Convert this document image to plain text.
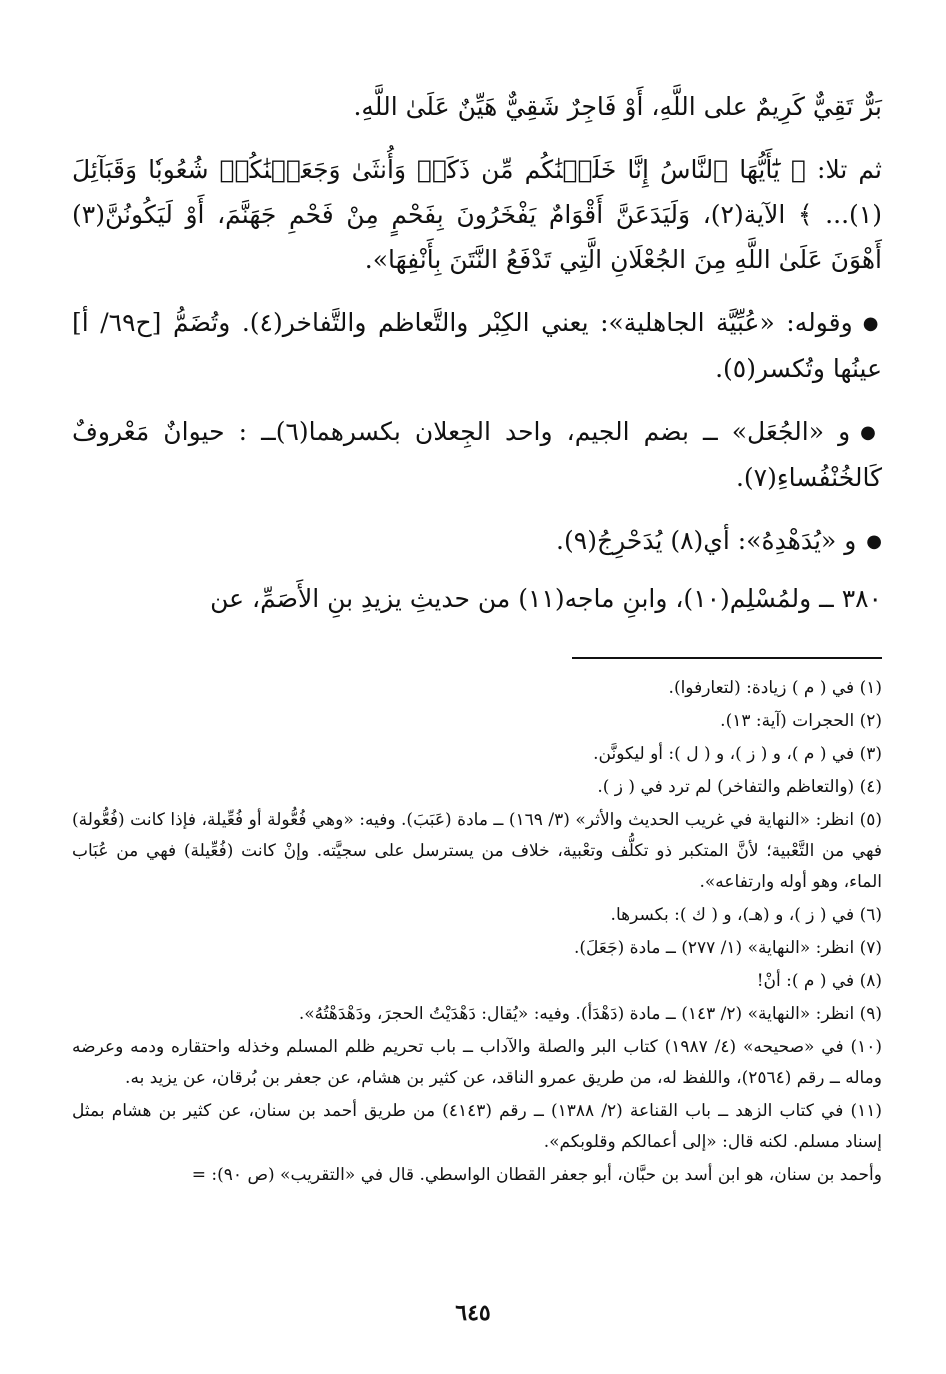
بَرٌّ تَقِيٌّ كَرِيمٌ على اللَّهِ، أَوْ فَاجِرٌ شَقِيٌّ هَيِّنٌ عَلَىٰ اللَّهِ.

ثم تلا: ﴿ يَٰٓأَيُّهَا ٱلنَّاسُ إِنَّا خَلَقۡنَٰكُم مِّن ذَكَرٖ وَأُنثَىٰ وَجَعَلۡنَٰكُمۡ شُعُوبٗا وَقَبَآئِلَ (١)... ﴾ الآية(٢)، وَلَيَدَعَنَّ أَقْوَامٌ يَفْخَرُونَ بِفَحْمٍ مِنْ فَحْمِ جَهَنَّمَ، أَوْ لَيَكُونُنَّ(٣) أَهْوَنَ عَلَىٰ اللَّهِ مِنَ الجُعْلَانِ الَّتِي تَدْفَعُ النَّتَنَ بِأَنْفِهَا».

● وقوله: «عُبِّيَّة الجاهلية»: يعني الكِبْر والتَّعاظم والتَّفاخر(٤). وتُضَمُّ [ح٦٩/ أ] عينُها وتُكسر(٥).

● و «الجُعَل» ــ بضم الجيم، واحد الجِعلان بكسرهما(٦)ــ : حيوانٌ مَعْروفٌ كَالخُنْفُساءِ(٧).

● و «يُدَهْدِهُ»: أي(٨) يُدَحْرِجُ(٩).

٣٨٠ ــ ولمُسْلِم(١٠)، وابنِ ماجه(١١) من حديثِ يزيدِ بنِ الأَصَمِّ، عن

(١) في ( م ) زيادة: (لتعارفوا).

(٢) الحجرات (آية: ١٣).

(٣) في ( م )، و ( ز )، و ( ل ): أو ليكونَّن.

(٤) (والتعاظم والتفاخر) لم ترد في ( ز ).

(٥) انظر: «النهاية في غريب الحديث والأثر» (٣/ ١٦٩) ــ مادة (عَبَبَ). وفيه: «وهي فُعُّولة أو فُعِّيلة، فإذا كانت (فُعُّولة) فهي من التَّعْبية؛ لأنَّ المتكبر ذو تكلُّف وتعْبية، خلاف من يسترسل على سجيَّته. وإنْ كانت (فُعِّيلة) فهي من عُبَاب الماء، وهو أوله وارتفاعه».

(٦) في ( ز )، و (هـ)، و ( ك ): بكسرها.

(٧) انظر: «النهاية» (١/ ٢٧٧) ــ مادة (جَعَلَ).

(٨) في ( م ): أنْ!

(٩) انظر: «النهاية» (٢/ ١٤٣) ــ مادة (دَهْدَأ). وفيه: «يُقال: دَهْدَيْتُ الحجرَ، ودَهْدَهْتُهُ».

(١٠) في «صحيحه» (٤/ ١٩٨٧) كتاب البر والصلة والآداب ــ باب تحريم ظلم المسلم وخذله واحتقاره ودمه وعرضه وماله ــ رقم (٢٥٦٤)، واللفظ له، من طريق عمرو الناقد، عن كثير بن هشام، عن جعفر بن بُرقان، عن يزيد به.

(١١) في كتاب الزهد ــ باب القناعة (٢/ ١٣٨٨) ــ رقم (٤١٤٣) من طريق أحمد بن سنان، عن كثير بن هشام بمثل إسناد مسلم. لكنه قال: «إلى أعمالكم وقلوبكم».

وأحمد بن سنان، هو ابن أسد بن حبَّان، أبو جعفر القطان الواسطي. قال في «التقريب» (ص ٩٠): =

٦٤٥
